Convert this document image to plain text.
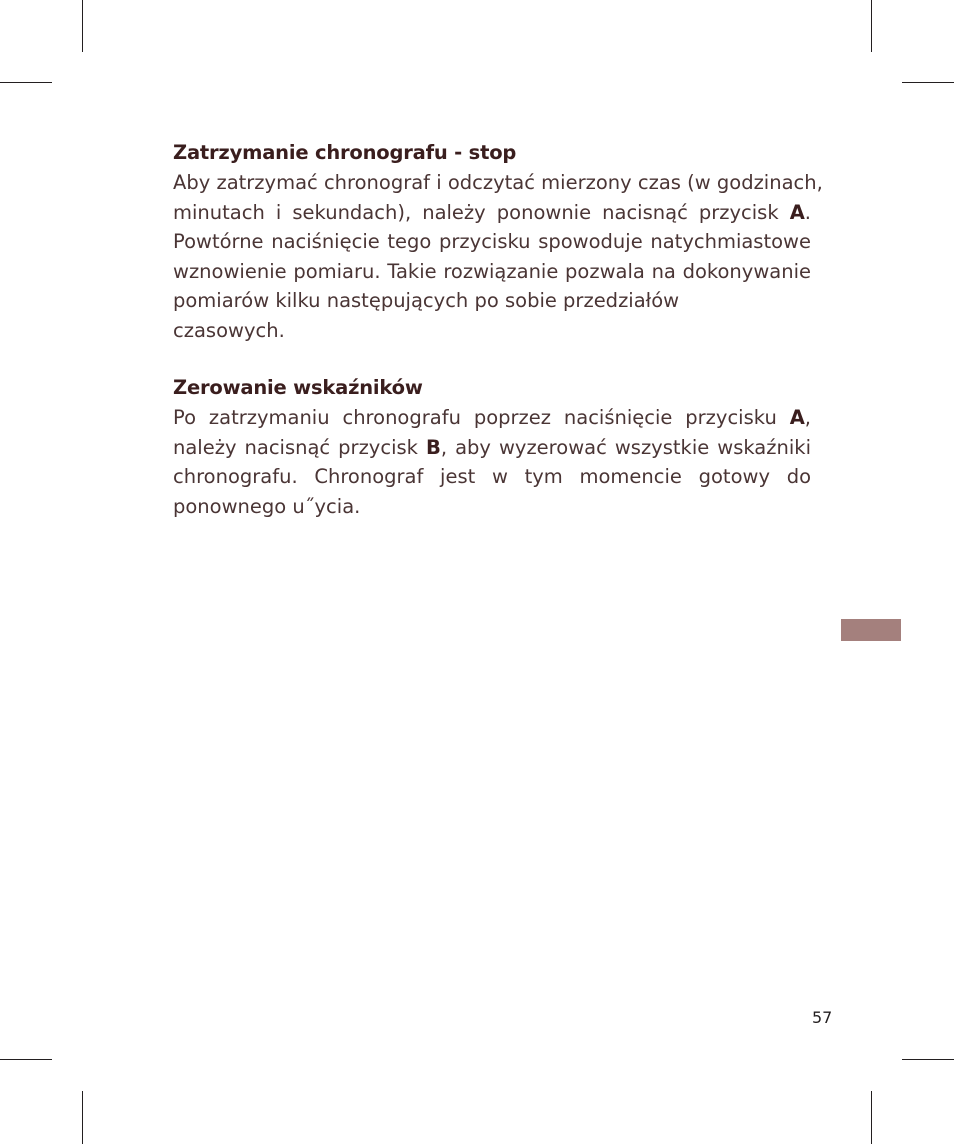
Zatrzymanie chronografu - stop

Aby zatrzymać chronograf i odczytać mierzony czas (w godzinach,
minutach i sekundach), należy ponownie nacisnąć przycisk A.
Powtórne naciśnięcie tego przycisku spowoduje natychmiastowe
wznowienie pomiaru. Takie rozwiązanie pozwala na dokonywanie
pomiarów kilku następujących po sobie przedziałów
czasowych.

Zerowanie wskaźników

Po zatrzymaniu chronografu poprzez naciśnięcie przycisku A,
należy nacisnąć przycisk B, aby wyzerować wszystkie wskaźniki
chronografu. Chronograf jest w tym momencie gotowy do
ponownego u˝ycia.

57
